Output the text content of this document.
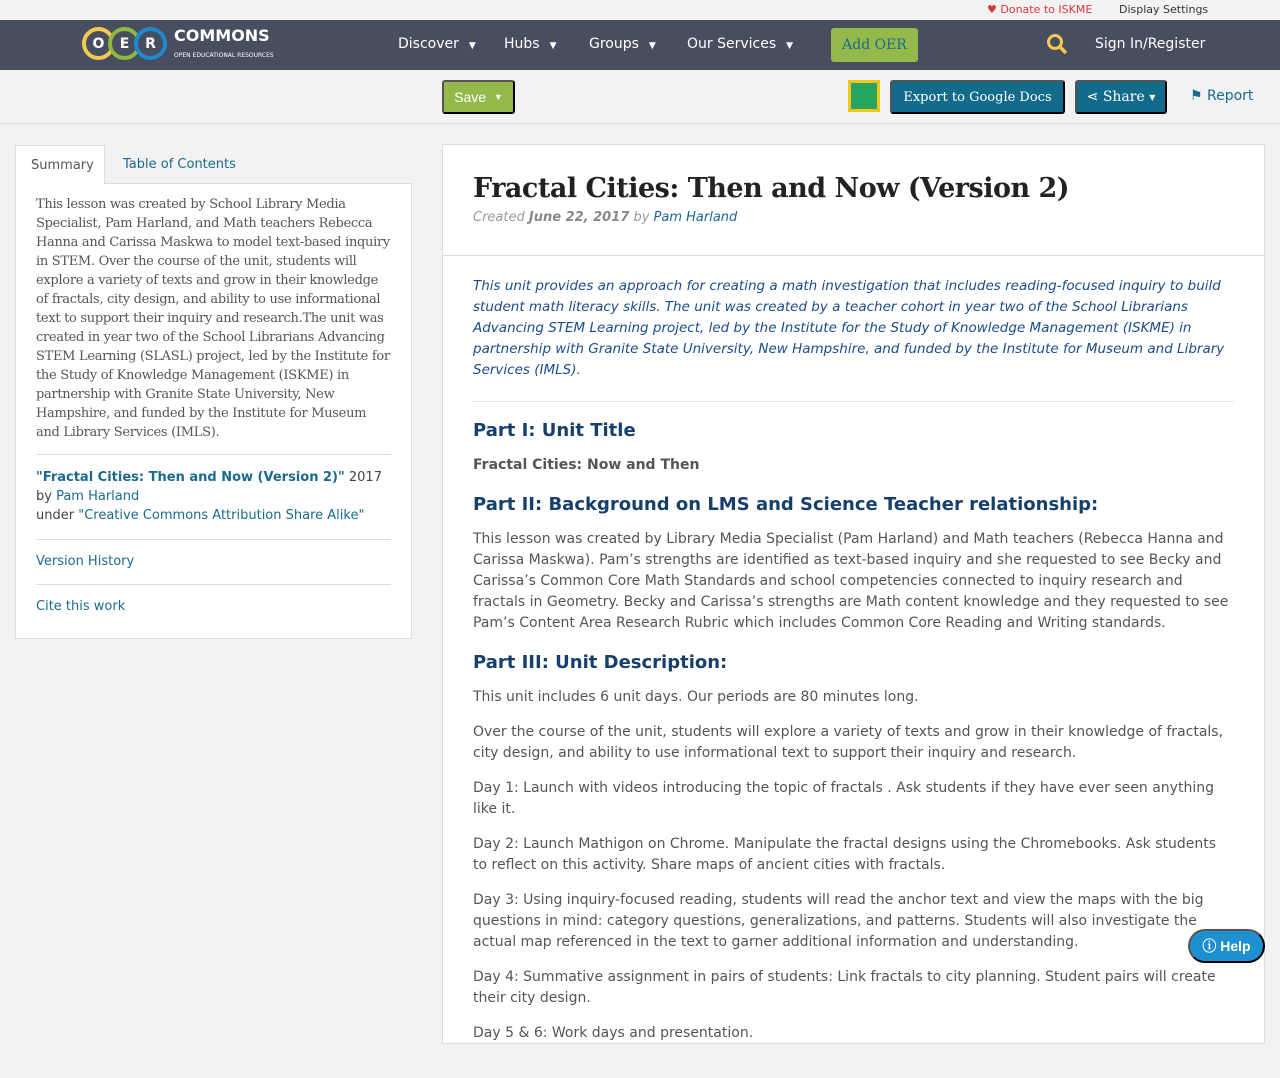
♥ Donate to ISKME Display Settings
O	E	R	COMMONS
OPEN EDUCATIONAL RESOURCES
Discover ▼ Hubs ▼ Groups ▼ Our Services ▼	Add OER	Sign In/Register
Save
▼	Export to Google Docs	⋖
Share
▼ ⚑ Report
Summary	Table of Contents
This lesson was created by School Library Media Specialist, Pam Harland, and Math teachers Rebecca Hanna and Carissa Maskwa to model text-based inquiry in STEM. Over the course of the unit, students will explore a variety of texts and grow in their knowledge of fractals, city design, and ability to use informational text to support their inquiry and research.The unit was created in year two of the School Librarians Advancing STEM Learning (SLASL) project, led by the Institute for the Study of Knowledge Management (ISKME) in partnership with Granite State University, New Hampshire, and funded by the Institute for Museum and Library Services (IMLS).
"Fractal Cities: Then and Now (Version 2)" 2017 by Pam Harland
under "Creative Commons Attribution Share Alike"
Version History
Cite this work
Fractal Cities: Then and Now (Version 2)
Created June 22, 2017 by Pam Harland
This unit provides an approach for creating a math investigation that includes reading-focused inquiry to build student math literacy skills. The unit was created by a teacher cohort in year two of the School Librarians Advancing STEM Learning project, led by the Institute for the Study of Knowledge Management (ISKME) in partnership with Granite State University, New Hampshire, and funded by the Institute for Museum and Library Services (IMLS).
Part I: Unit Title

Fractal Cities: Now and Then

Part II: Background on LMS and Science Teacher relationship:

This lesson was created by Library Media Specialist (Pam Harland) and Math teachers (Rebecca Hanna and Carissa Maskwa). Pam’s strengths are identified as text-based inquiry and she requested to see Becky and Carissa’s Common Core Math Standards and school competencies connected to inquiry research and fractals in Geometry. Becky and Carissa’s strengths are Math content knowledge and they requested to see Pam’s Content Area Research Rubric which includes Common Core Reading and Writing standards.

Part III: Unit Description:

This unit includes 6 unit days. Our periods are 80 minutes long.

Over the course of the unit, students will explore a variety of texts and grow in their knowledge of fractals, city design, and ability to use informational text to support their inquiry and research.

Day 1: Launch with videos introducing the topic of fractals . Ask students if they have ever seen anything like it.

Day 2: Launch Mathigon on Chrome. Manipulate the fractal designs using the Chromebooks. Ask students to reflect on this activity. Share maps of ancient cities with fractals.

Day 3: Using inquiry-focused reading, students will read the anchor text and view the maps with the big questions in mind: category questions, generalizations, and patterns. Students will also investigate the actual map referenced in the text to garner additional information and understanding.

Day 4: Summative assignment in pairs of students: Link fractals to city planning. Student pairs will create their city design.

Day 5 & 6: Work days and presentation.

ⓘ
Help
